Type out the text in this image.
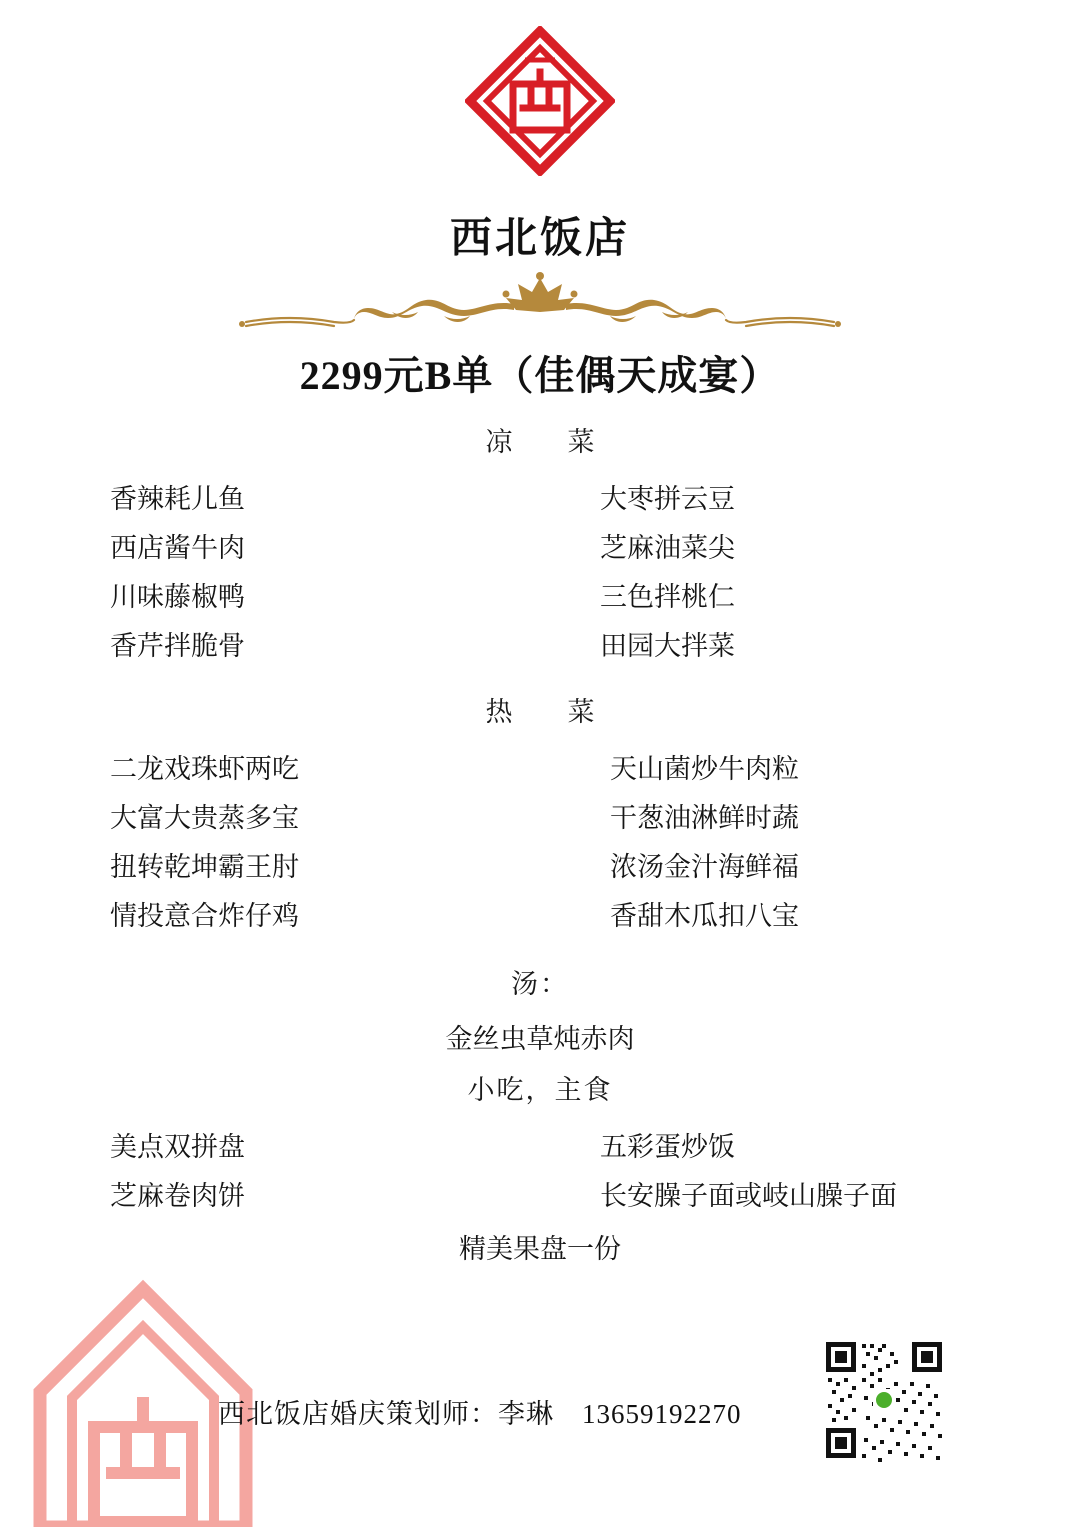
西北饭店
2299元B单（佳偶天成宴）
凉　菜
香辣耗儿鱼	大枣拼云豆
西店酱牛肉	芝麻油菜尖
川味藤椒鸭	三色拌桃仁
香芹拌脆骨	田园大拌菜
热　菜
二龙戏珠虾两吃	天山菌炒牛肉粒
大富大贵蒸多宝	干葱油淋鲜时蔬
扭转乾坤霸王肘	浓汤金汁海鲜福
情投意合炸仔鸡	香甜木瓜扣八宝
汤：
金丝虫草炖赤肉
小吃，主食
美点双拼盘	五彩蛋炒饭
芝麻卷肉饼	长安臊子面或岐山臊子面
精美果盘一份
西北饭店婚庆策划师：李琳　13659192270
